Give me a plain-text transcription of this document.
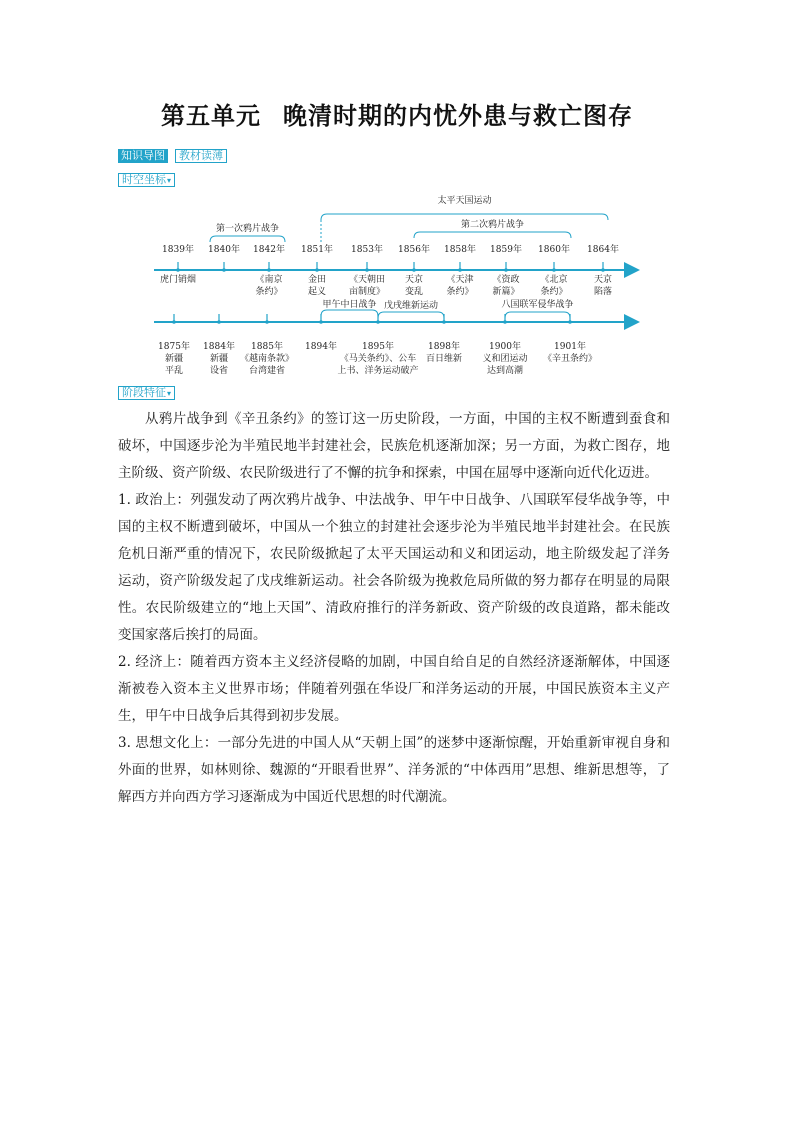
第五单元 晚清时期的内忧外患与救亡图存
知识导图	教材读薄
时空坐标 ▾
第一次鸦片战争
太平天国运动
第二次鸦片战争
1839年
虎门销烟
1840年 1842年
《南京
条约》
1851年
金田
起义
1853年
《天朝田
亩制度》
1856年
天京
变乱
1858年
《天津
条约》
1859年
《资政
新篇》
1860年
《北京
条约》
1864年
天京
陷落
甲午中日战争 戊戌维新运动	八国联军侵华战争
1875年
新疆
平乱
1884年
新疆
设省
1885年
《越南条款》
台湾建省
1894年	1895年
《马关条约》、公车
上书、洋务运动破产
1898年
百日维新
1900年
义和团运动
达到高潮
1901年
《辛丑条约》
阶段特征 ▾

从鸦片战争到《辛丑条约》的签订这一历史阶段，一方面，中国的主权不断遭到蚕食和破坏，中国逐步沦为半殖民地半封建社会，民族危机逐渐加深；另一方面，为救亡图存，地主阶级、资产阶级、农民阶级进行了不懈的抗争和探索，中国在屈辱中逐渐向近代化迈进。

1. 政治上：列强发动了两次鸦片战争、中法战争、甲午中日战争、八国联军侵华战争等，中国的主权不断遭到破坏，中国从一个独立的封建社会逐步沦为半殖民地半封建社会。在民族危机日渐严重的情况下，农民阶级掀起了太平天国运动和义和团运动，地主阶级发起了洋务运动，资产阶级发起了戊戌维新运动。社会各阶级为挽救危局所做的努力都存在明显的局限性。农民阶级建立的“地上天国”、清政府推行的洋务新政、资产阶级的改良道路，都未能改变国家落后挨打的局面。

2. 经济上：随着西方资本主义经济侵略的加剧，中国自给自足的自然经济逐渐解体，中国逐渐被卷入资本主义世界市场；伴随着列强在华设厂和洋务运动的开展，中国民族资本主义产生，甲午中日战争后其得到初步发展。

3. 思想文化上：一部分先进的中国人从“天朝上国”的迷梦中逐渐惊醒，开始重新审视自身和外面的世界，如林则徐、魏源的“开眼看世界”、洋务派的“中体西用”思想、维新思想等，了解西方并向西方学习逐渐成为中国近代思想的时代潮流。
